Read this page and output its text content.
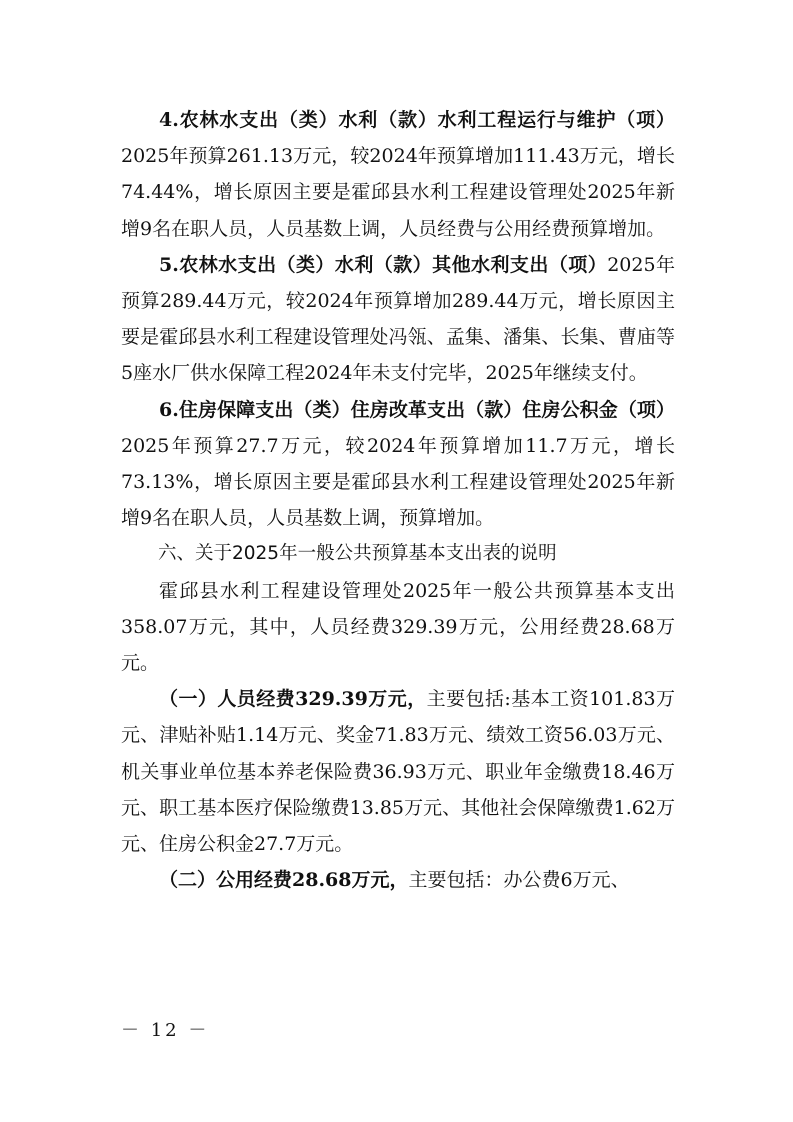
4.农林水支出（类）水利（款）水利工程运行与维护（项）2025年预算261.13万元，较2024年预算增加111.43万元，增长74.44%，增长原因主要是霍邱县水利工程建设管理处2025年新增9名在职人员，人员基数上调，人员经费与公用经费预算增加。

5.农林水支出（类）水利（款）其他水利支出（项）2025年预算289.44万元，较2024年预算增加289.44万元，增长原因主要是霍邱县水利工程建设管理处冯瓴、孟集、潘集、长集、曹庙等5座水厂供水保障工程2024年未支付完毕，2025年继续支付。

6.住房保障支出（类）住房改革支出（款）住房公积金（项）2025年预算27.7万元，较2024年预算增加11.7万元，增长73.13%，增长原因主要是霍邱县水利工程建设管理处2025年新增9名在职人员，人员基数上调，预算增加。

六、关于2025年一般公共预算基本支出表的说明

霍邱县水利工程建设管理处2025年一般公共预算基本支出358.07万元，其中，人员经费329.39万元，公用经费28.68万元。

（一）人员经费329.39万元，主要包括:基本工资101.83万元、津贴补贴1.14万元、奖金71.83万元、绩效工资56.03万元、机关事业单位基本养老保险费36.93万元、职业年金缴费18.46万元、职工基本医疗保险缴费13.85万元、其他社会保障缴费1.62万元、住房公积金27.7万元。

（二）公用经费28.68万元，主要包括：办公费6万元、

－ 12 －
